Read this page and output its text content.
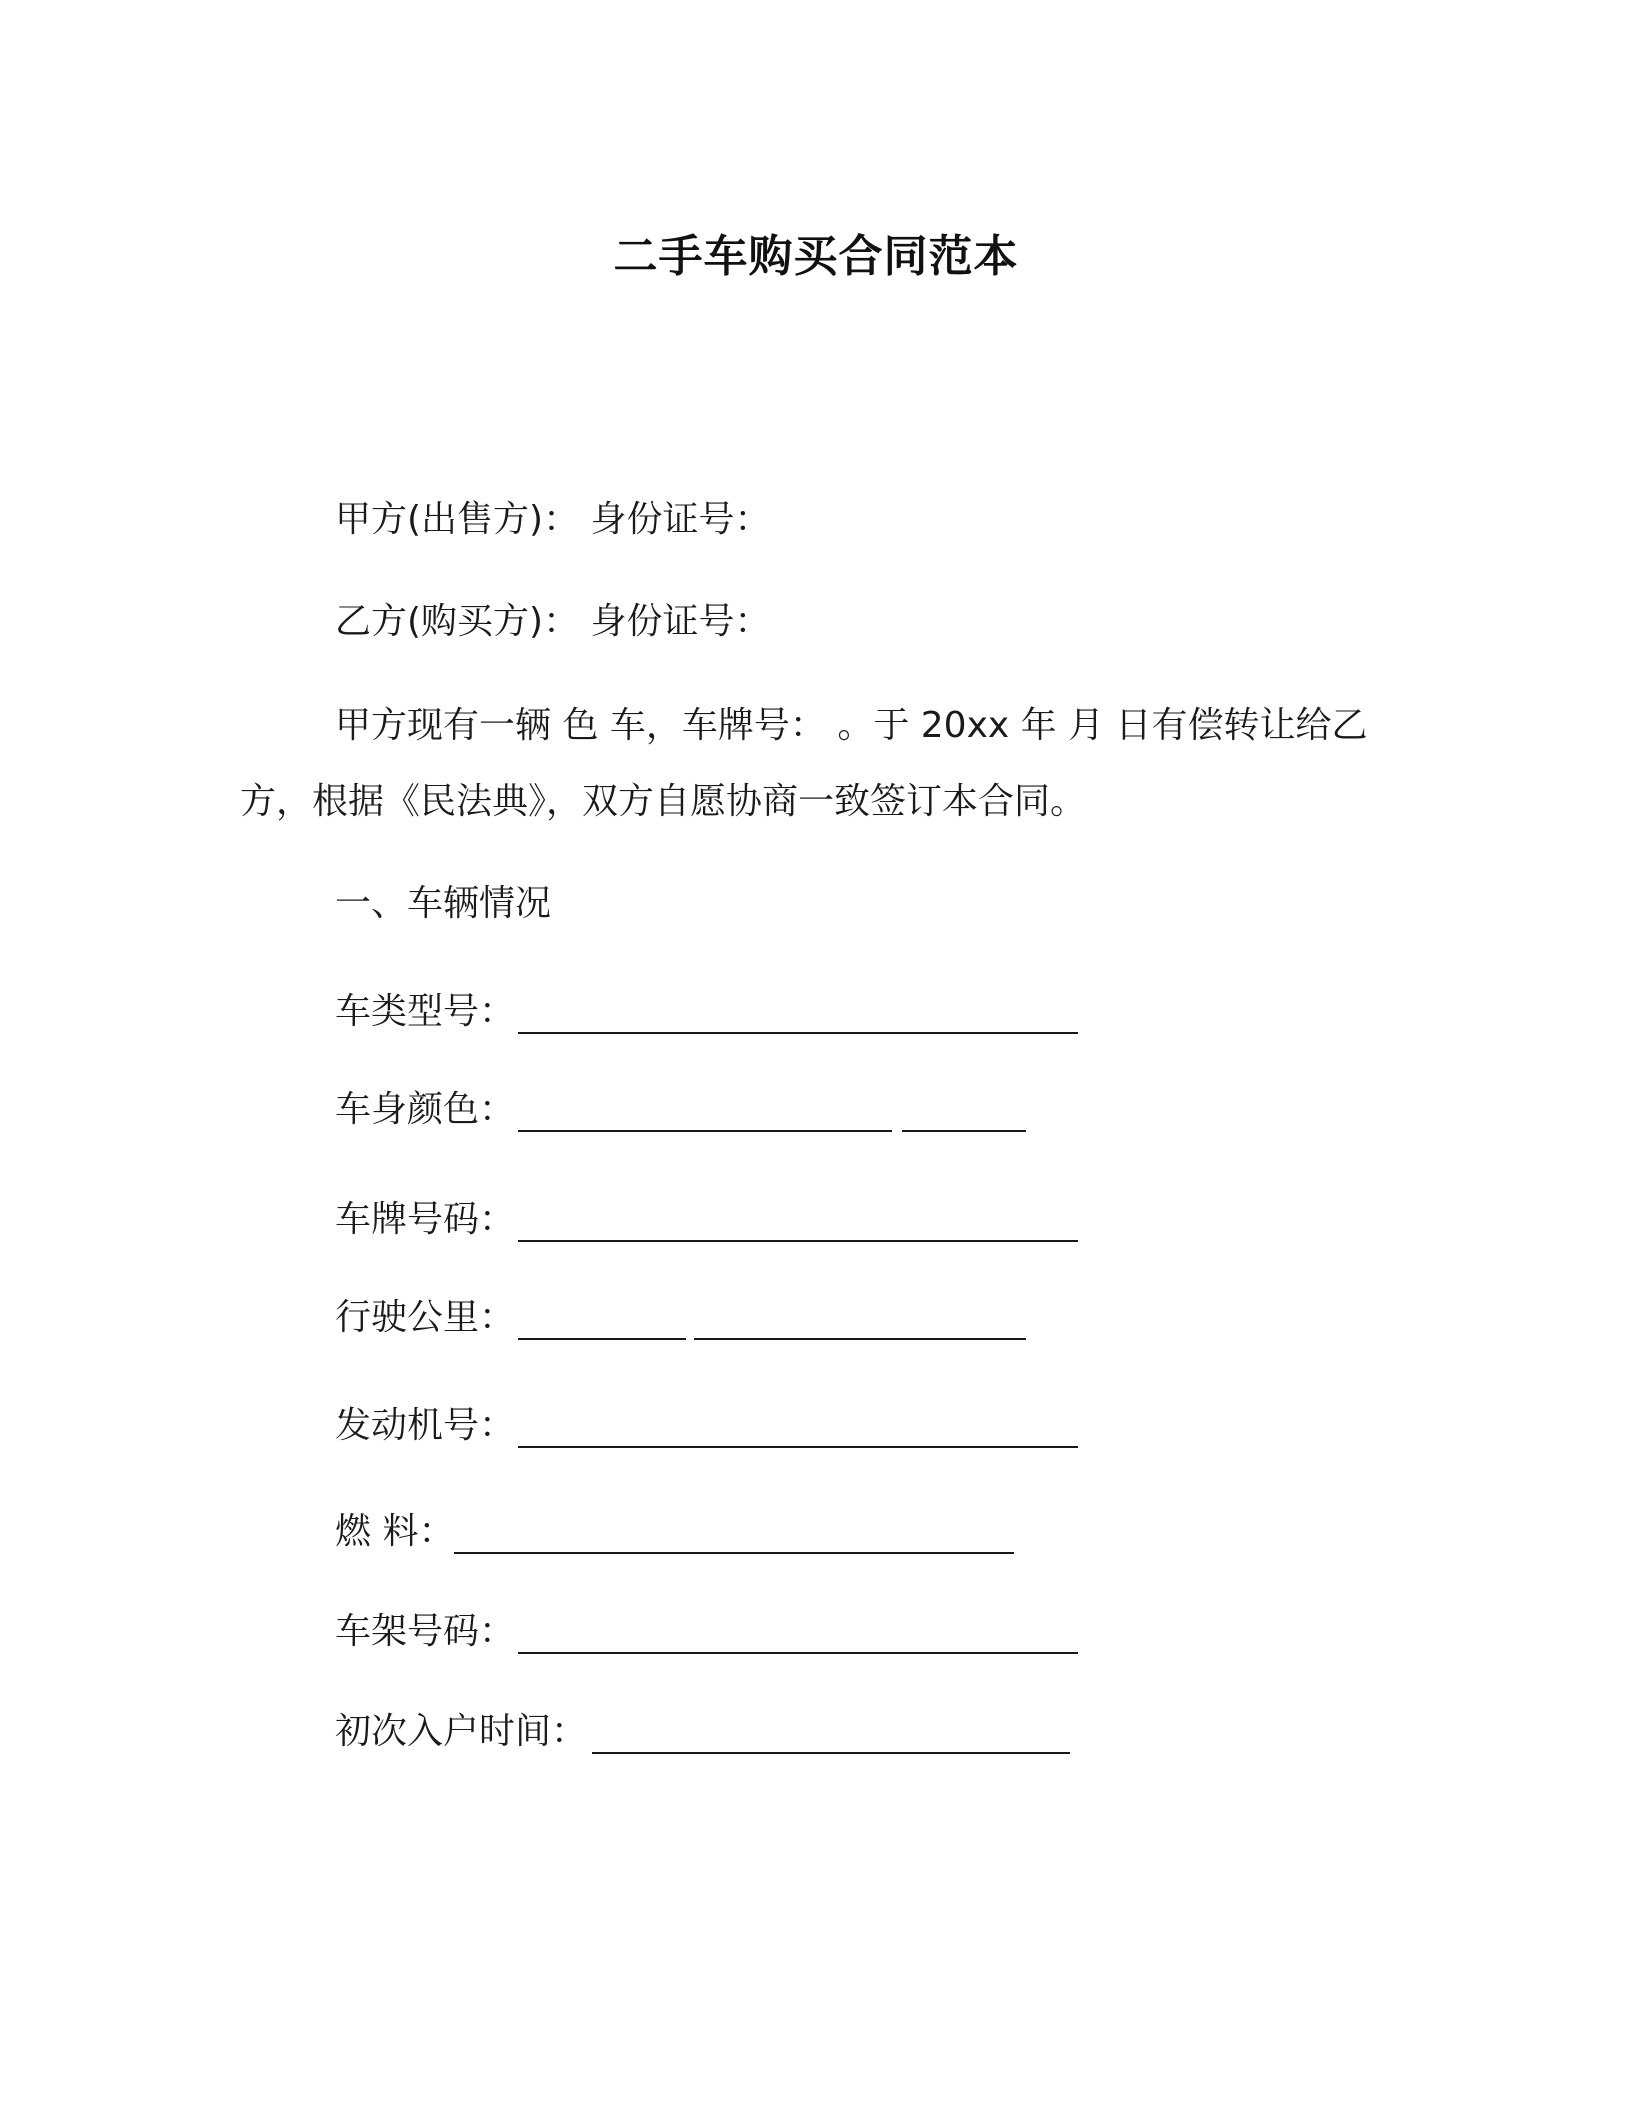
二手车购买合同范本
甲方(出售方)： 身份证号：
乙方(购买方)： 身份证号：
甲方现有一辆 色 车，车牌号： 。于 20xx 年 月 日有偿转让给乙
方，根据《民法典》，双方自愿协商一致签订本合同。
一、车辆情况
车类型号：
车身颜色：
车牌号码：
行驶公里：
发动机号：
燃 料：
车架号码：
初次入户时间：
